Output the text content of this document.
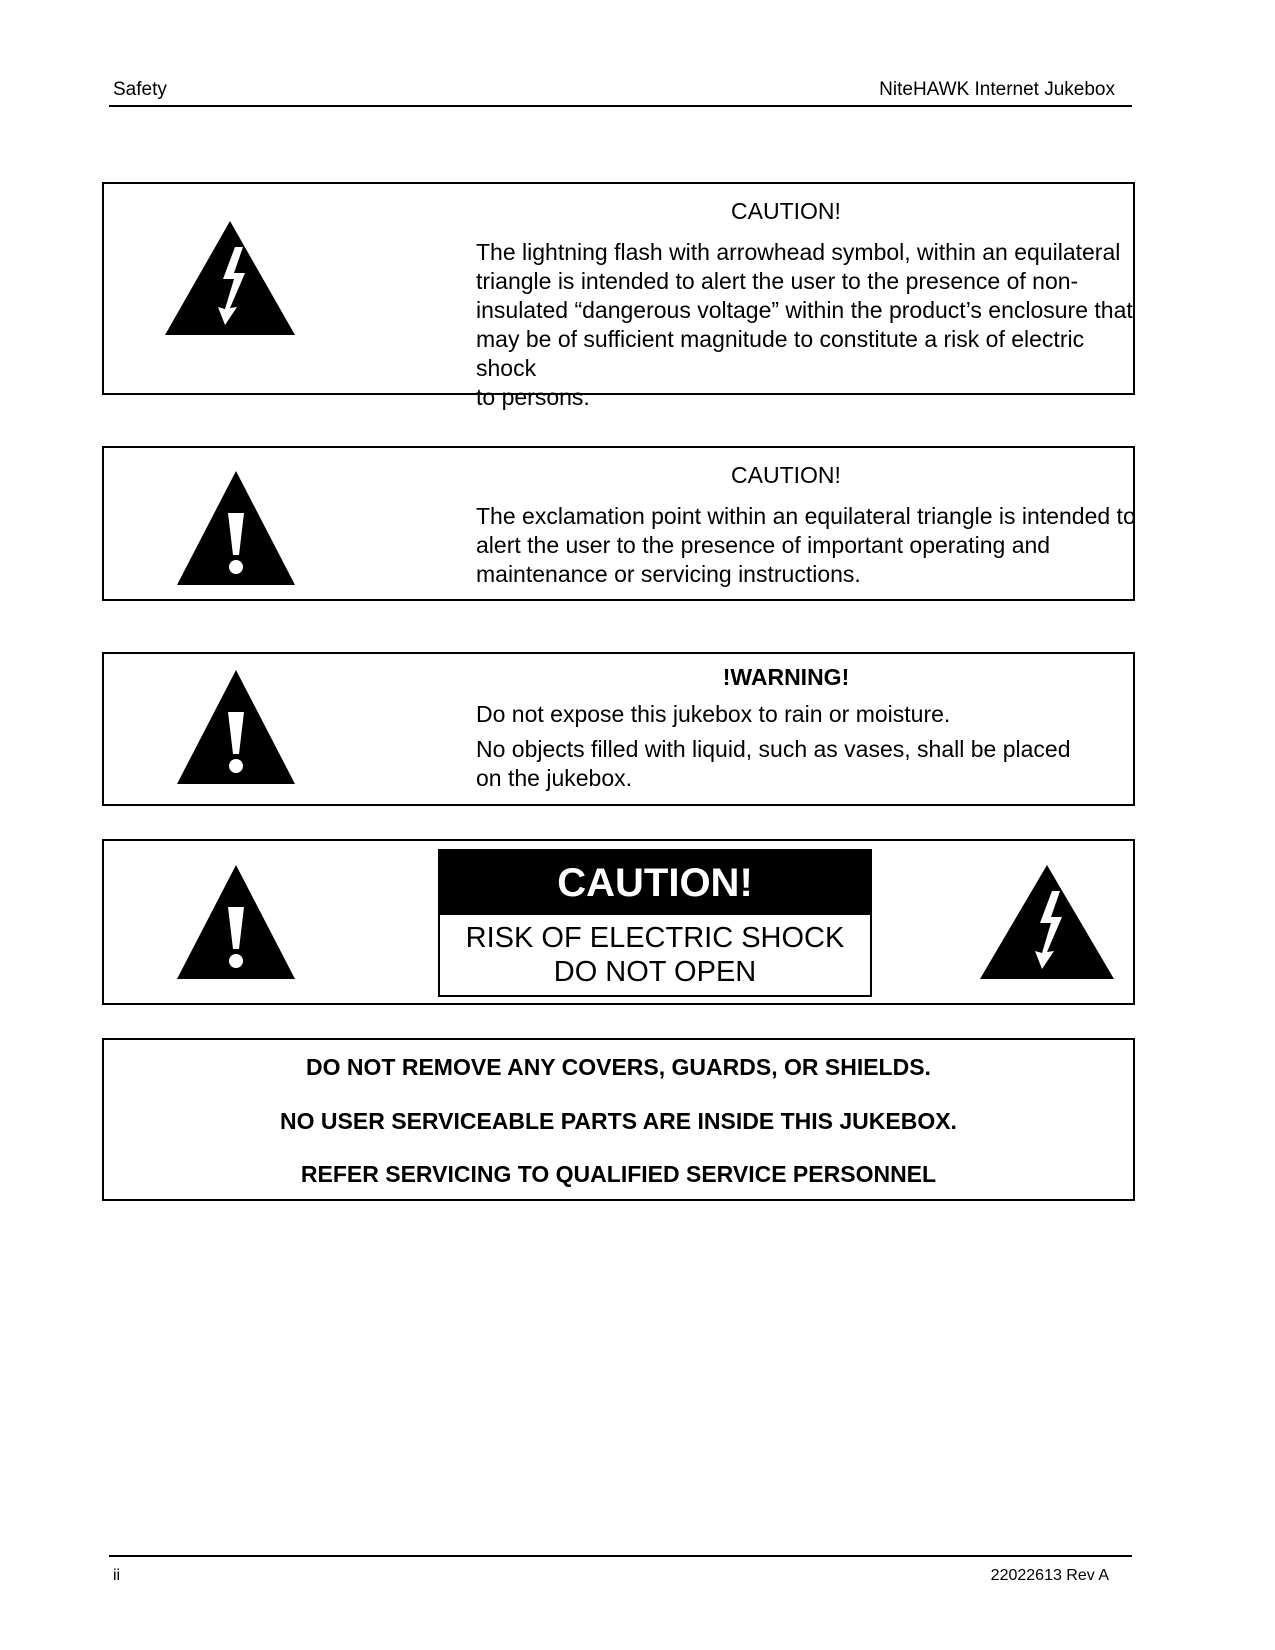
Safety	NiteHAWK Internet Jukebox
CAUTION!

The lightning flash with arrowhead symbol, within an equilateral

triangle is intended to alert the user to the presence of non-

insulated “dangerous voltage” within the product’s enclosure that

may be of sufficient magnitude to constitute a risk of electric shock

to persons.

CAUTION!

The exclamation point within an equilateral triangle is intended to

alert the user to the presence of important operating and

maintenance or servicing instructions.

!WARNING!

Do not expose this jukebox to rain or moisture.

No objects filled with liquid, such as vases, shall be placed

on the jukebox.

CAUTION!
RISK OF ELECTRIC SHOCK
DO NOT OPEN
DO NOT REMOVE ANY COVERS, GUARDS, OR SHIELDS.
NO USER SERVICEABLE PARTS ARE INSIDE THIS JUKEBOX.
REFER SERVICING TO QUALIFIED SERVICE PERSONNEL
ii	22022613 Rev A
